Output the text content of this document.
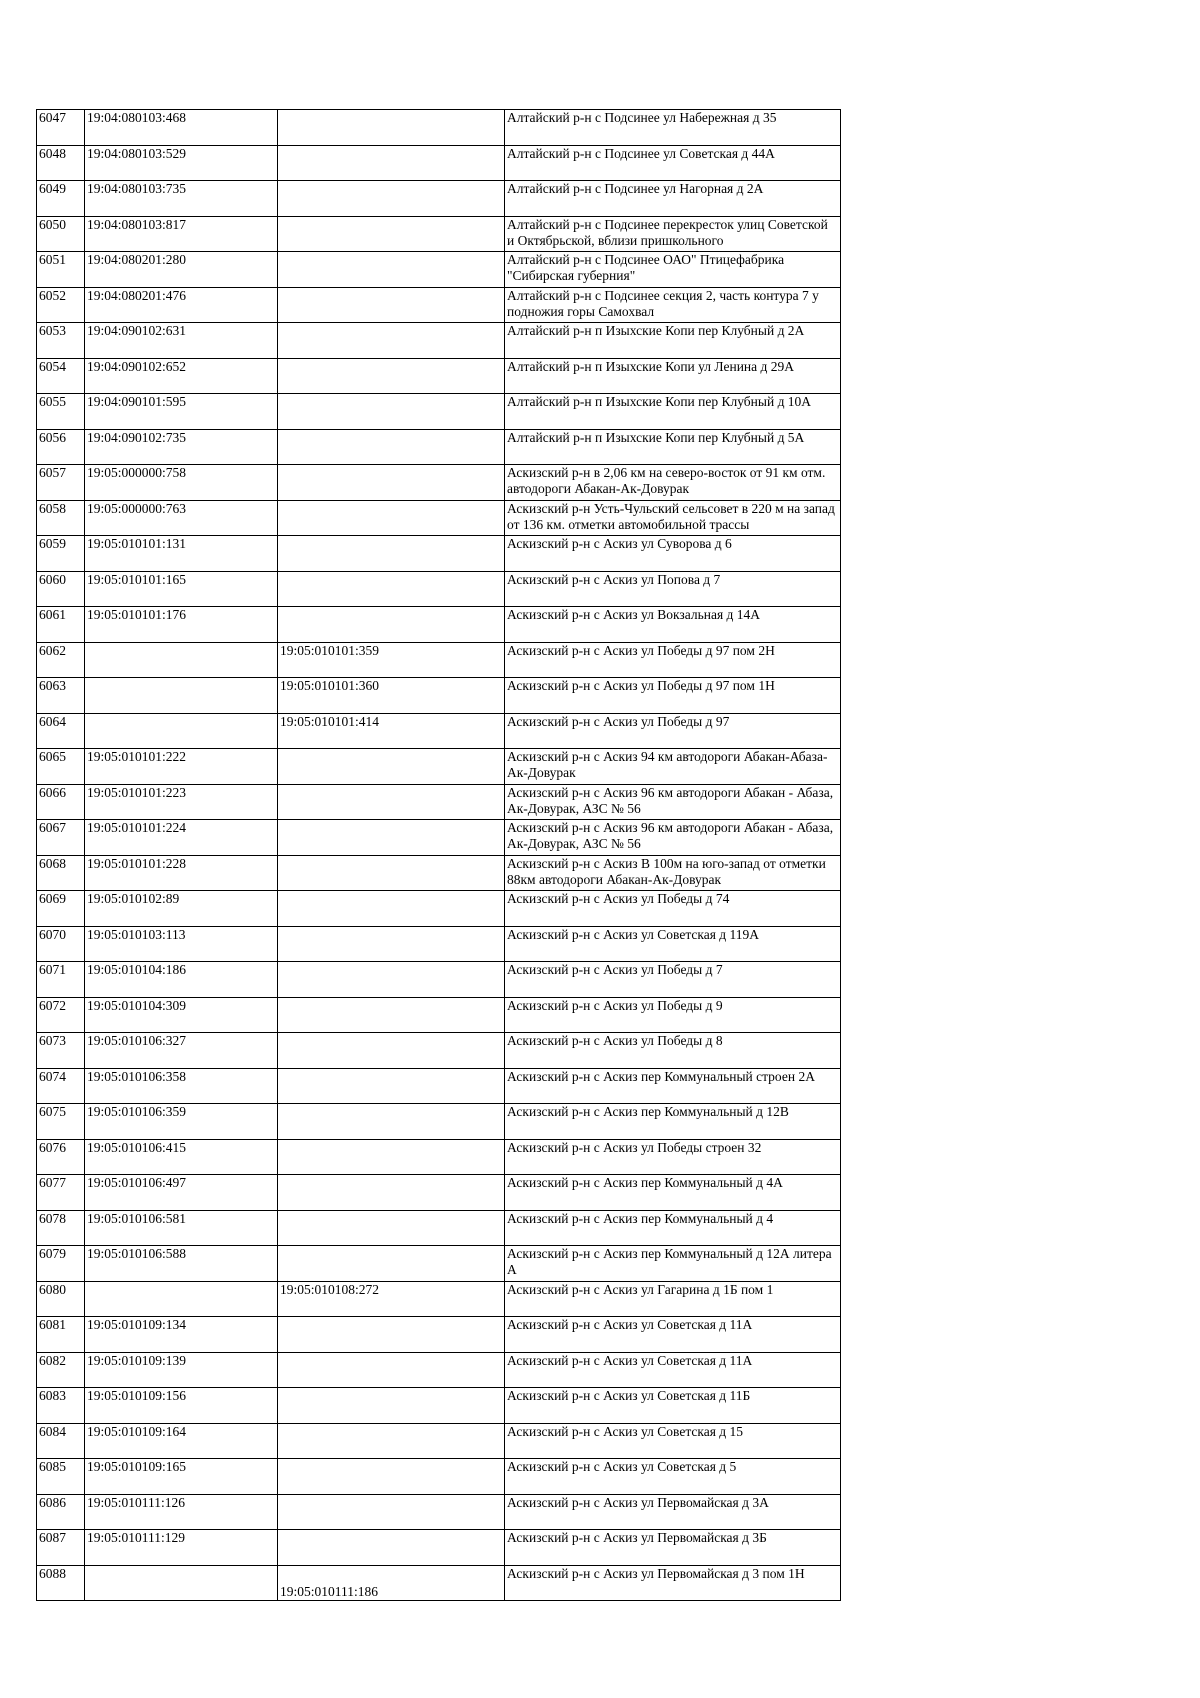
6047	19:04:080103:468		Алтайский р-н с Подсинее ул Набережная д 35

6048	19:04:080103:529		Алтайский р-н с Подсинее ул Советская д 44А

6049	19:04:080103:735		Алтайский р-н с Подсинее ул Нагорная д 2А

6050	19:04:080103:817		Алтайский р-н с Подсинее перекресток улиц Советской и Октябрьской, вблизи пришкольного

6051	19:04:080201:280		Алтайский р-н с Подсинее ОАО" Птицефабрика "Сибирская губерния"

6052	19:04:080201:476		Алтайский р-н с Подсинее секция 2, часть контура 7 у подножия горы Самохвал

6053	19:04:090102:631		Алтайский р-н п Изыхские Копи пер Клубный д 2А

6054	19:04:090102:652		Алтайский р-н п Изыхские Копи ул Ленина д 29А

6055	19:04:090101:595		Алтайский р-н п Изыхские Копи пер Клубный д 10А

6056	19:04:090102:735		Алтайский р-н п Изыхские Копи пер Клубный д 5А

6057	19:05:000000:758		Аскизский р-н в 2,06 км на северо-восток от 91 км отм. автодороги Абакан-Ак-Довурак

6058	19:05:000000:763		Аскизский р-н Усть-Чульский сельсовет в 220 м на запад от 136 км. отметки автомобильной трассы

6059	19:05:010101:131		Аскизский р-н с Аскиз ул Суворова д 6

6060	19:05:010101:165		Аскизский р-н с Аскиз ул Попова д 7

6061	19:05:010101:176		Аскизский р-н с Аскиз ул Вокзальная д 14А

6062		19:05:010101:359	Аскизский р-н с Аскиз ул Победы д 97 пом 2Н

6063		19:05:010101:360	Аскизский р-н с Аскиз ул Победы д 97 пом 1Н

6064		19:05:010101:414	Аскизский р-н с Аскиз ул Победы д 97

6065	19:05:010101:222		Аскизский р-н с Аскиз 94 км автодороги Абакан-Абаза-Ак-Довурак

6066	19:05:010101:223		Аскизский р-н с Аскиз 96 км автодороги Абакан - Абаза, Ак-Довурак, АЗС № 56

6067	19:05:010101:224		Аскизский р-н с Аскиз 96 км автодороги Абакан - Абаза, Ак-Довурак, АЗС № 56

6068	19:05:010101:228		Аскизский р-н с Аскиз В 100м на юго-запад от отметки 88км автодороги Абакан-Ак-Довурак

6069	19:05:010102:89		Аскизский р-н с Аскиз ул Победы д 74

6070	19:05:010103:113		Аскизский р-н с Аскиз ул Советская д 119А

6071	19:05:010104:186		Аскизский р-н с Аскиз ул Победы д 7

6072	19:05:010104:309		Аскизский р-н с Аскиз ул Победы д 9

6073	19:05:010106:327		Аскизский р-н с Аскиз ул Победы д 8

6074	19:05:010106:358		Аскизский р-н с Аскиз пер Коммунальный строен 2А

6075	19:05:010106:359		Аскизский р-н с Аскиз пер Коммунальный д 12В

6076	19:05:010106:415		Аскизский р-н с Аскиз ул Победы строен 32

6077	19:05:010106:497		Аскизский р-н с Аскиз пер Коммунальный д 4А

6078	19:05:010106:581		Аскизский р-н с Аскиз пер Коммунальный д 4

6079	19:05:010106:588		Аскизский р-н с Аскиз пер Коммунальный д 12А литера А

6080		19:05:010108:272	Аскизский р-н с Аскиз ул Гагарина д 1Б пом 1

6081	19:05:010109:134		Аскизский р-н с Аскиз ул Советская д 11А

6082	19:05:010109:139		Аскизский р-н с Аскиз ул Советская д 11А

6083	19:05:010109:156		Аскизский р-н с Аскиз ул Советская д 11Б

6084	19:05:010109:164		Аскизский р-н с Аскиз ул Советская д 15

6085	19:05:010109:165		Аскизский р-н с Аскиз ул Советская д 5

6086	19:05:010111:126		Аскизский р-н с Аскиз ул Первомайская д 3А

6087	19:05:010111:129		Аскизский р-н с Аскиз ул Первомайская д 3Б

6088		19:05:010111:186	Аскизский р-н с Аскиз ул Первомайская д 3 пом 1Н
